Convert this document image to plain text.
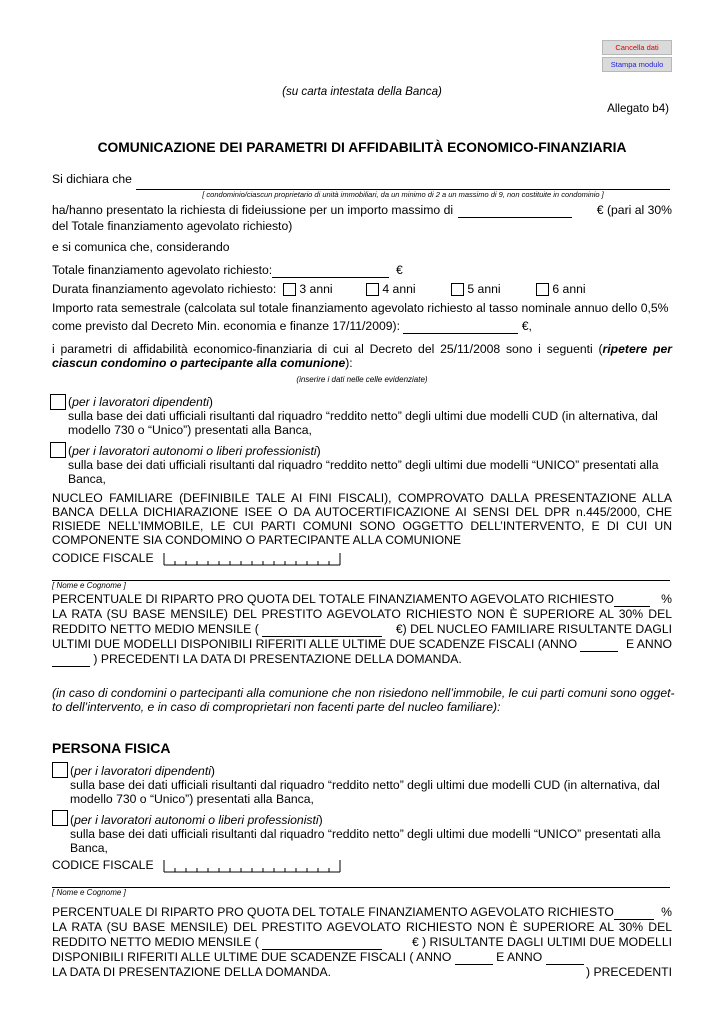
Cancella dati
Stampa modulo
(su carta intestata della Banca)
Allegato b4)
COMUNICAZIONE DEI PARAMETRI DI AFFIDABILITÀ ECONOMICO-FINANZIARIA
Si dichiara che
[ condominio/ciascun proprietario di unità immobiliari, da un minimo di 2 a un massimo di 9, non costituite in condominio ]
ha/hanno presentato la richiesta di fideiussione per un importo massimo di	€ (pari al 30%
del Totale finanziamento agevolato richiesto)
e si comunica che, considerando
Totale finanziamento agevolato richiesto:	€
Durata finanziamento agevolato richiesto:	3 anni	4 anni	5 anni	6 anni
Importo rata semestrale (calcolata sul totale finanziamento agevolato richiesto al tasso nominale annuo dello 0,5%
come previsto dal Decreto Min. economia e finanze 17/11/2009):	€,
i parametri di affidabilità economico-finanziaria di cui al Decreto del 25/11/2008 sono i seguenti (ripetere per
ciascun condomino o partecipante alla comunione):
(inserire i dati nelle celle evidenziate)
(per i lavoratori dipendenti)
sulla base dei dati ufficiali risultanti dal riquadro “reddito netto” degli ultimi due modelli CUD (in alternativa, dal
modello 730 o “Unico”) presentati alla Banca,
(per i lavoratori autonomi o liberi professionisti)
sulla base dei dati ufficiali risultanti dal riquadro “reddito netto” degli ultimi due modelli “UNICO” presentati alla
Banca,
NUCLEO FAMILIARE (DEFINIBILE TALE AI FINI FISCALI), COMPROVATO DALLA PRESENTAZIONE ALLA
BANCA DELLA DICHIARAZIONE ISEE O DA AUTOCERTIFICAZIONE AI SENSI DEL DPR n.445/2000, CHE
RISIEDE NELL’IMMOBILE, LE CUI PARTI COMUNI SONO OGGETTO DELL’INTERVENTO, E DI CUI UN
COMPONENTE SIA CONDOMINO O PARTECIPANTE ALLA COMUNIONE
CODICE FISCALE
[ Nome e Cognome ]
PERCENTUALE DI RIPARTO PRO QUOTA DEL TOTALE FINANZIAMENTO AGEVOLATO RICHIESTO	%
LA RATA (SU BASE MENSILE) DEL PRESTITO AGEVOLATO RICHIESTO NON È SUPERIORE AL 30% DEL
REDDITO NETTO MEDIO MENSILE (	€) DEL NUCLEO FAMILIARE RISULTANTE DAGLI
ULTIMI DUE MODELLI DISPONIBILI RIFERITI ALLE ULTIME DUE SCADENZE FISCALI (ANNO	E ANNO
) PRECEDENTI LA DATA DI PRESENTAZIONE DELLA DOMANDA.
(in caso di condomini o partecipanti alla comunione che non risiedono nell’immobile, le cui parti comuni sono ogget-
to dell’intervento, e in caso di comproprietari non facenti parte del nucleo familiare):
PERSONA FISICA
(per i lavoratori dipendenti)
sulla base dei dati ufficiali risultanti dal riquadro “reddito netto” degli ultimi due modelli CUD (in alternativa, dal
modello 730 o “Unico”) presentati alla Banca,
(per i lavoratori autonomi o liberi professionisti)
sulla base dei dati ufficiali risultanti dal riquadro “reddito netto” degli ultimi due modelli “UNICO” presentati alla
Banca,
CODICE FISCALE
[ Nome e Cognome ]
PERCENTUALE DI RIPARTO PRO QUOTA DEL TOTALE FINANZIAMENTO AGEVOLATO RICHIESTO	%
LA RATA (SU BASE MENSILE) DEL PRESTITO AGEVOLATO RICHIESTO NON È SUPERIORE AL 30% DEL
REDDITO NETTO MEDIO MENSILE (	€ ) RISULTANTE DAGLI ULTIMI DUE MODELLI
DISPONIBILI RIFERITI ALLE ULTIME DUE SCADENZE FISCALI ( ANNO	E ANNO
) PRECEDENTI
LA DATA DI PRESENTAZIONE DELLA DOMANDA.
